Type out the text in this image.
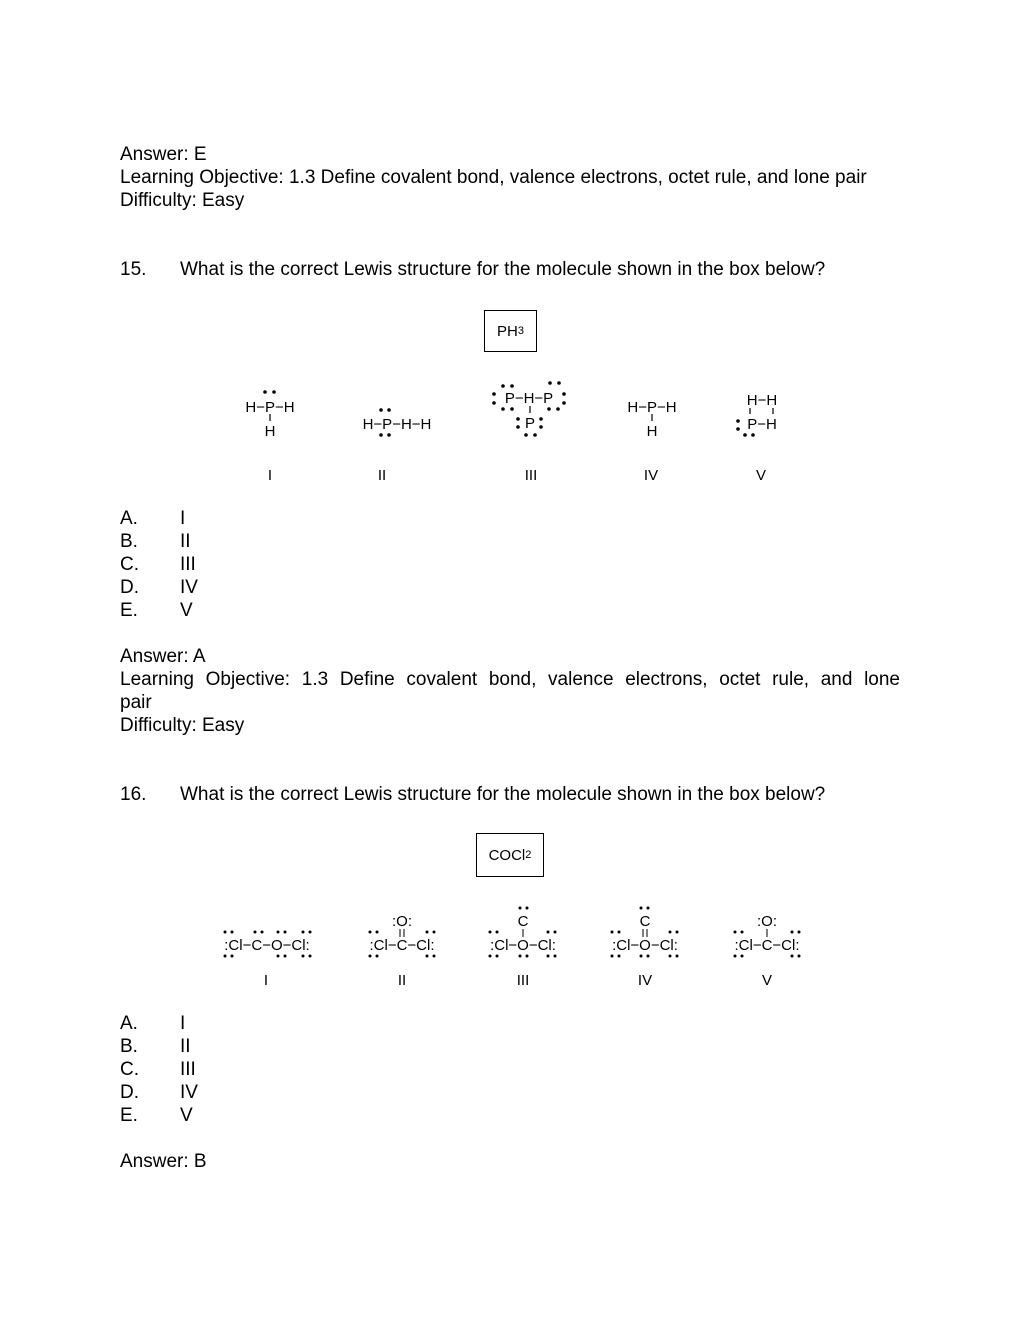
Answer: E
Learning Objective: 1.3 Define covalent bond, valence electrons, octet rule, and lone pair
Difficulty: Easy
15. What is the correct Lewis structure for the molecule shown in the box below?
PH 3
H−P−H
H
I
H−P−H−H
II
P−H−P
P
III
H−P−H
H
IV
H−H
P−H
V
A. I
B. II
C. III
D. IV
E. V
Answer: A
Learning Objective: 1.3 Define covalent bond, valence electrons, octet rule, and lone
pair
Difficulty: Easy
16. What is the correct Lewis structure for the molecule shown in the box below?
COCl 2
:Cl−C−O−Cl:
I
:O:
:Cl−C−Cl:
II
C
:Cl−O−Cl:
III
C
:Cl−O−Cl:
IV
:O:
:Cl−C−Cl:
V
A. I
B. II
C. III
D. IV
E. V
Answer: B
